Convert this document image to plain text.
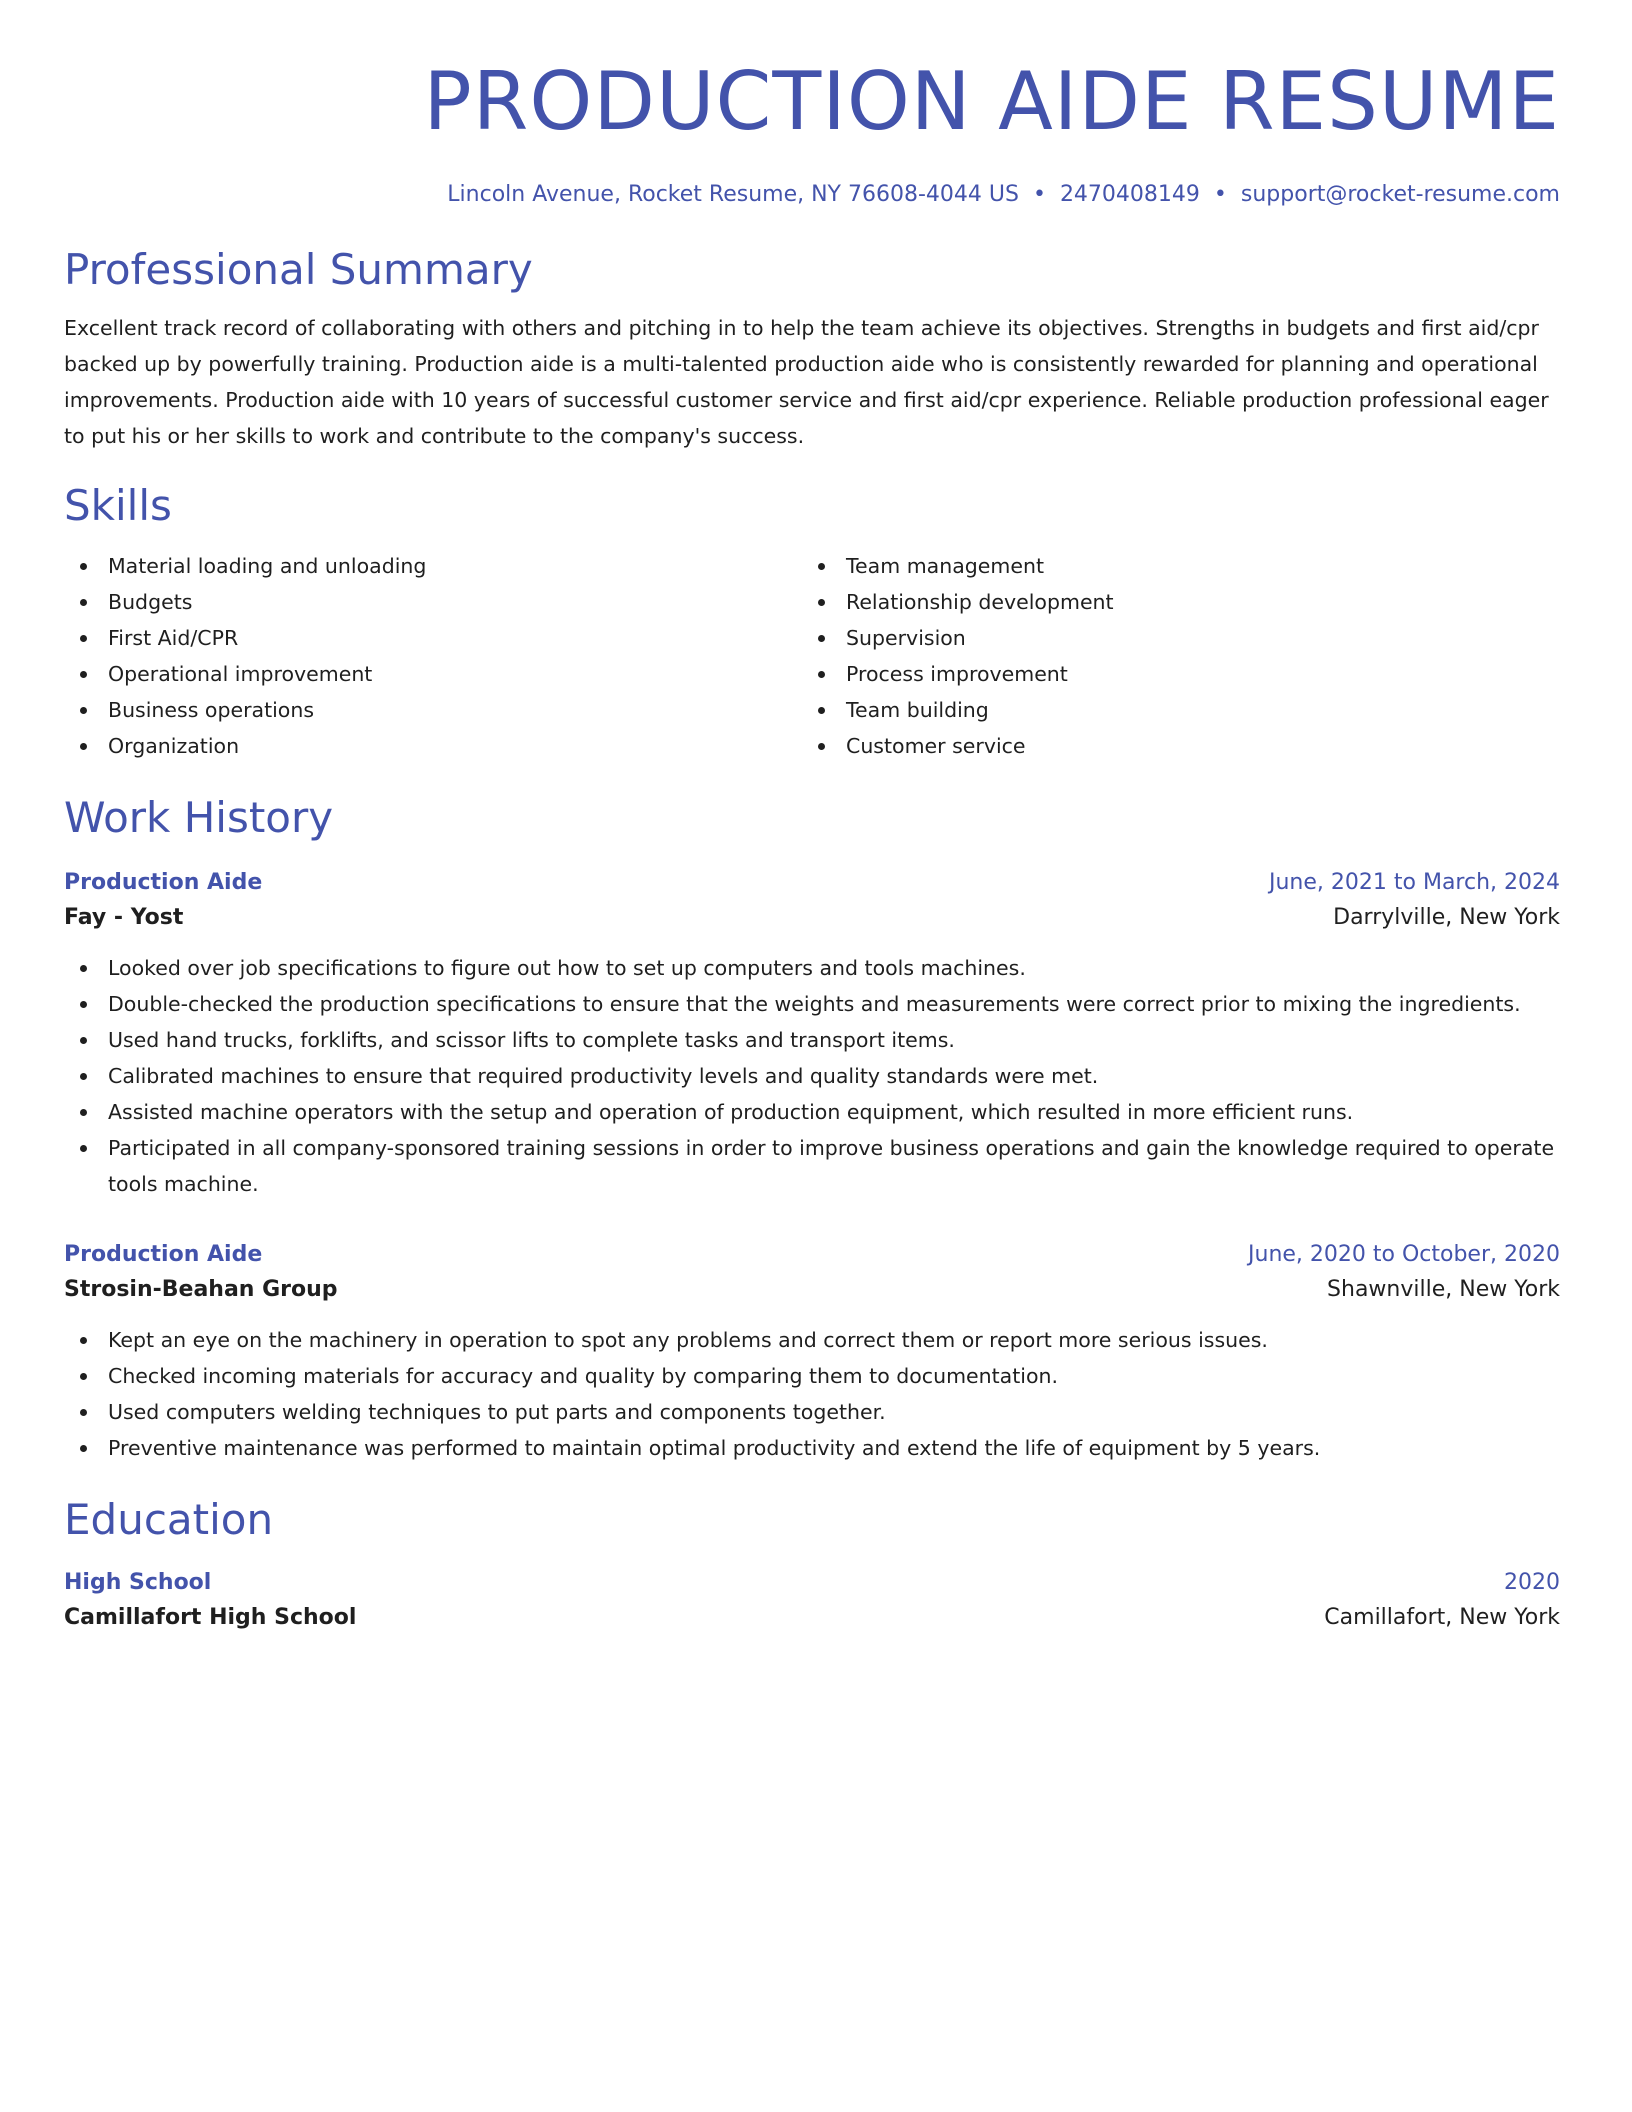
PRODUCTION AIDE RESUME
Lincoln Avenue, Rocket Resume, NY 76608-4044 US • 2470408149 • support@rocket-resume.com
Professional Summary
Excellent track record of collaborating with others and pitching in to help the team achieve its objectives. Strengths in budgets and first aid/cpr backed up by powerfully training. Production aide is a multi-talented production aide who is consistently rewarded for planning and operational improvements. Production aide with 10 years of successful customer service and first aid/cpr experience. Reliable production professional eager to put his or her skills to work and contribute to the company's success.
Skills
Material loading and unloading
Budgets
First Aid/CPR
Operational improvement
Business operations
Organization
Team management
Relationship development
Supervision
Process improvement
Team building
Customer service
Work History
Production Aide	June, 2021 to March, 2024
Fay - Yost	Darrylville, New York
Looked over job specifications to figure out how to set up computers and tools machines.
Double-checked the production specifications to ensure that the weights and measurements were correct prior to mixing the ingredients.
Used hand trucks, forklifts, and scissor lifts to complete tasks and transport items.
Calibrated machines to ensure that required productivity levels and quality standards were met.
Assisted machine operators with the setup and operation of production equipment, which resulted in more efficient runs.
Participated in all company-sponsored training sessions in order to improve business operations and gain the knowledge required to operate tools machine.
Production Aide	June, 2020 to October, 2020
Strosin-Beahan Group	Shawnville, New York
Kept an eye on the machinery in operation to spot any problems and correct them or report more serious issues.
Checked incoming materials for accuracy and quality by comparing them to documentation.
Used computers welding techniques to put parts and components together.
Preventive maintenance was performed to maintain optimal productivity and extend the life of equipment by 5 years.
Education
High School	2020
Camillafort High School	Camillafort, New York
